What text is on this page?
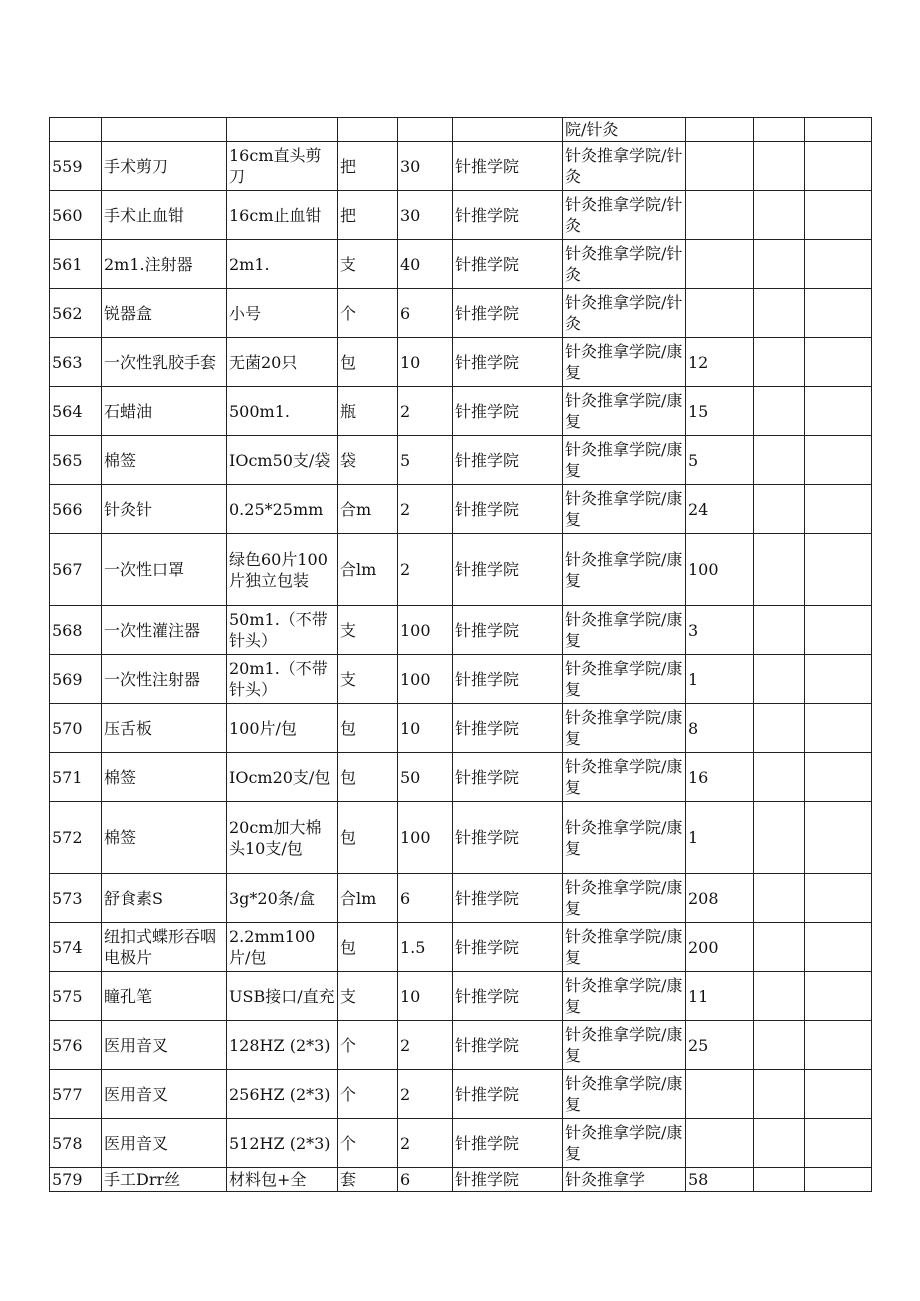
						院/针灸			
559	手术剪刀	16cm直头剪刀	把	30	针推学院	针灸推拿学院/针灸			
560	手术止血钳	16cm止血钳	把	30	针推学院	针灸推拿学院/针灸			
561	2m1.注射器	2m1.	支	40	针推学院	针灸推拿学院/针灸			
562	锐器盒	小号	个	6	针推学院	针灸推拿学院/针灸			
563	一次性乳胶手套	无菌20只	包	10	针推学院	针灸推拿学院/康复	12		
564	石蜡油	500m1.	瓶	2	针推学院	针灸推拿学院/康复	15		
565	棉签	IOcm50支/袋	袋	5	针推学院	针灸推拿学院/康复	5		
566	针灸针	0.25*25mm	合m	2	针推学院	针灸推拿学院/康复	24		
567	一次性口罩	绿色60片100片独立包装	合lm	2	针推学院	针灸推拿学院/康复	100		
568	一次性灌注器	50m1.（不带针头）	支	100	针推学院	针灸推拿学院/康复	3		
569	一次性注射器	20m1.（不带针头）	支	100	针推学院	针灸推拿学院/康复	1		
570	压舌板	100片/包	包	10	针推学院	针灸推拿学院/康复	8		
571	棉签	IOcm20支/包	包	50	针推学院	针灸推拿学院/康复	16		
572	棉签	20cm加大棉头10支/包	包	100	针推学院	针灸推拿学院/康复	1		
573	舒食素S	3g*20条/盒	合lm	6	针推学院	针灸推拿学院/康复	208		
574	纽扣式蝶形吞咽电极片	2.2mm100片/包	包	1.5	针推学院	针灸推拿学院/康复	200		
575	瞳孔笔	USB接口/直充	支	10	针推学院	针灸推拿学院/康复	11		
576	医用音叉	128HZ (2*3)	个	2	针推学院	针灸推拿学院/康复	25		
577	医用音叉	256HZ (2*3)	个	2	针推学院	针灸推拿学院/康复			
578	医用音叉	512HZ (2*3)	个	2	针推学院	针灸推拿学院/康复			
579	手工Drr丝	材料包+全	套	6	针推学院	针灸推拿学	58		
